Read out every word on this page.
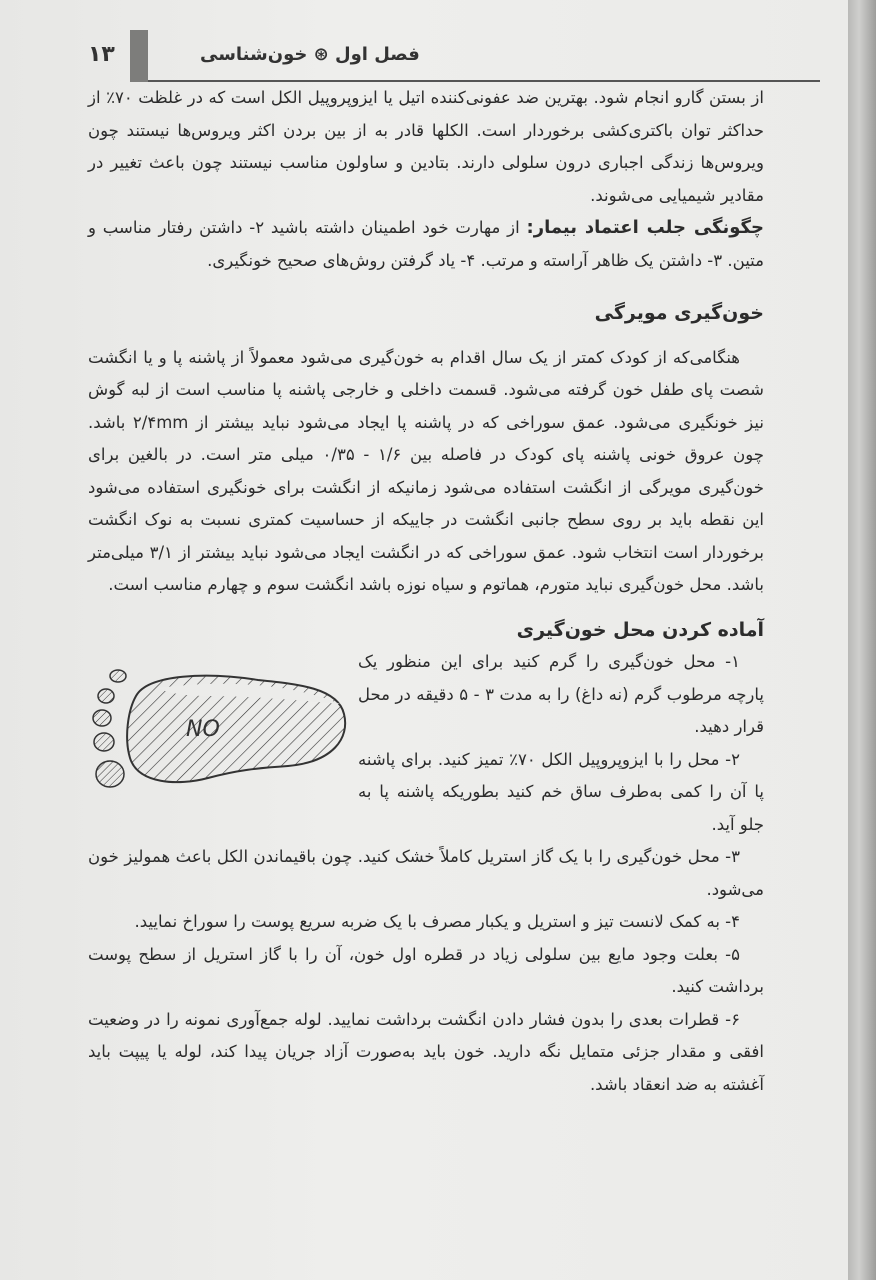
۱۳	فصل اول ⊛ خون‌شناسی

از بستن گارو انجام شود. بهترین ضد عفونی‌کننده اتیل یا ایزوپروپیل الکل است که در غلظت ۷۰٪ از حداکثر توان باکتری‌کشی برخوردار است. الکلها قادر به از بین بردن اکثر ویروس‌ها نیستند چون ویروس‌ها زندگی اجباری درون سلولی دارند. بتادین و ساولون مناسب نیستند چون باعث تغییر در مقادیر شیمیایی می‌شوند.

چگونگی جلب اعتماد بیمار: از مهارت خود اطمینان داشته باشید ۲- داشتن رفتار مناسب و متین. ۳- داشتن یک ظاهر آراسته و مرتب. ۴- یاد گرفتن روش‌های صحیح خونگیری.

خون‌گیری مویرگی

هنگامی‌که از کودک کمتر از یک سال اقدام به خون‌گیری می‌شود معمولاً از پاشنه پا و یا انگشت شصت پای طفل خون گرفته می‌شود. قسمت داخلی و خارجی پاشنه پا مناسب است از لبه گوش نیز خونگیری می‌شود. عمق سوراخی که در پاشنه پا ایجاد می‌شود نباید بیشتر از ۲/۴mm باشد. چون عروق خونی پاشنه پای کودک در فاصله بین ۱/۶ - ۰/۳۵ میلی متر است. در بالغین برای خون‌گیری مویرگی از انگشت استفاده می‌شود زمانیکه از انگشت برای خونگیری استفاده می‌شود این نقطه باید بر روی سطح جانبی انگشت در جاییکه از حساسیت کمتری نسبت به نوک انگشت برخوردار است انتخاب شود. عمق سوراخی که در انگشت ایجاد می‌شود نباید بیشتر از ۳/۱ میلی‌متر باشد. محل خون‌گیری نباید متورم، هماتوم و سیاه نوزه باشد انگشت سوم و چهارم مناسب است.

آماده کردن محل خون‌گیری

۱- محل خون‌گیری را گرم کنید برای این منظور یک پارچه مرطوب گرم (نه داغ) را به مدت ۳ - ۵ دقیقه در محل قرار دهید.

۲- محل را با ایزوپروپیل الکل ۷۰٪ تمیز کنید. برای پاشنه پا آن را کمی به‌طرف ساق خم کنید بطوریکه پاشنه پا به جلو آید.

۳- محل خون‌گیری را با یک گاز استریل کاملاً خشک کنید. چون باقیماندن الکل باعث همولیز خون می‌شود.

۴- به کمک لانست تیز و استریل و یکبار مصرف با یک ضربه سریع پوست را سوراخ نمایید.

۵- بعلت وجود مایع بین سلولی زیاد در قطره اول خون، آن را با گاز استریل از سطح پوست برداشت کنید.

۶- قطرات بعدی را بدون فشار دادن انگشت برداشت نمایید. لوله جمع‌آوری نمونه را در وضعیت افقی و مقدار جزئی متمایل نگه دارید. خون باید به‌صورت آزاد جریان پیدا کند، لوله یا پیپت باید آغشته به ضد انعقاد باشد.

NO
